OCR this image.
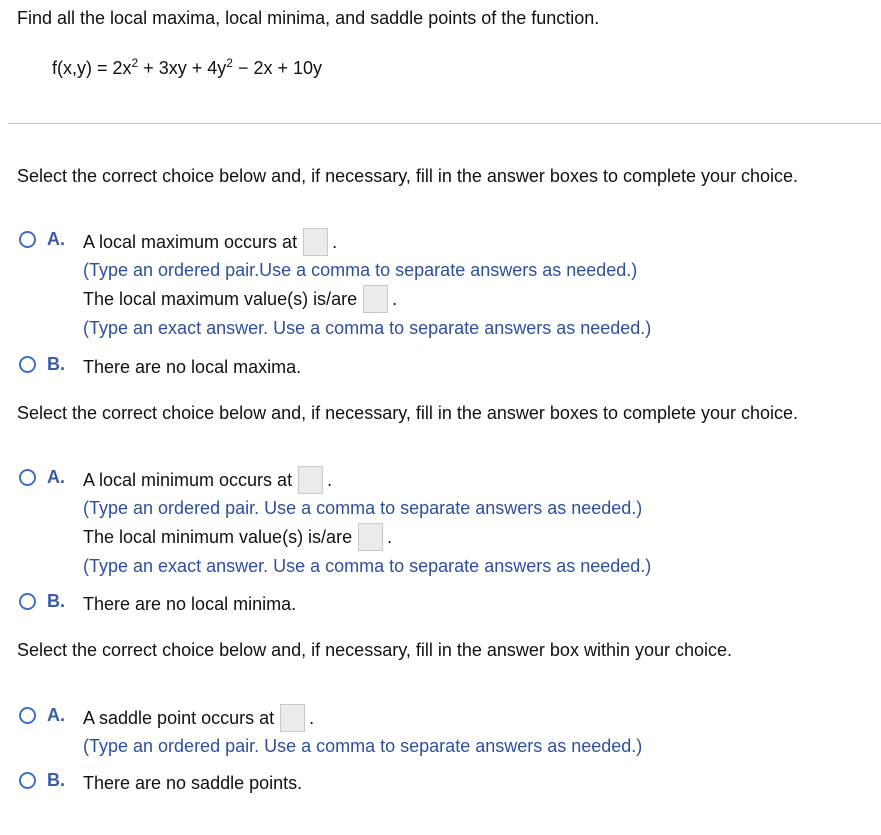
Find all the local maxima, local minima, and saddle points of the function.
$f(x,y) = 2x^2 + 3xy + 4y^2 - 2x + 10y$
Select the correct choice below and, if necessary, fill in the answer boxes to complete your choice.
A. A local maximum occurs at .
(Type an ordered pair.Use a comma to separate answers as needed.)
The local maximum value(s) is/are .
(Type an exact answer. Use a comma to separate answers as needed.)
B. There are no local maxima.
Select the correct choice below and, if necessary, fill in the answer boxes to complete your choice.
A. A local minimum occurs at .
(Type an ordered pair. Use a comma to separate answers as needed.)
The local minimum value(s) is/are .
(Type an exact answer. Use a comma to separate answers as needed.)
B. There are no local minima.
Select the correct choice below and, if necessary, fill in the answer box within your choice.
A. A saddle point occurs at .
(Type an ordered pair. Use a comma to separate answers as needed.)
B. There are no saddle points.
